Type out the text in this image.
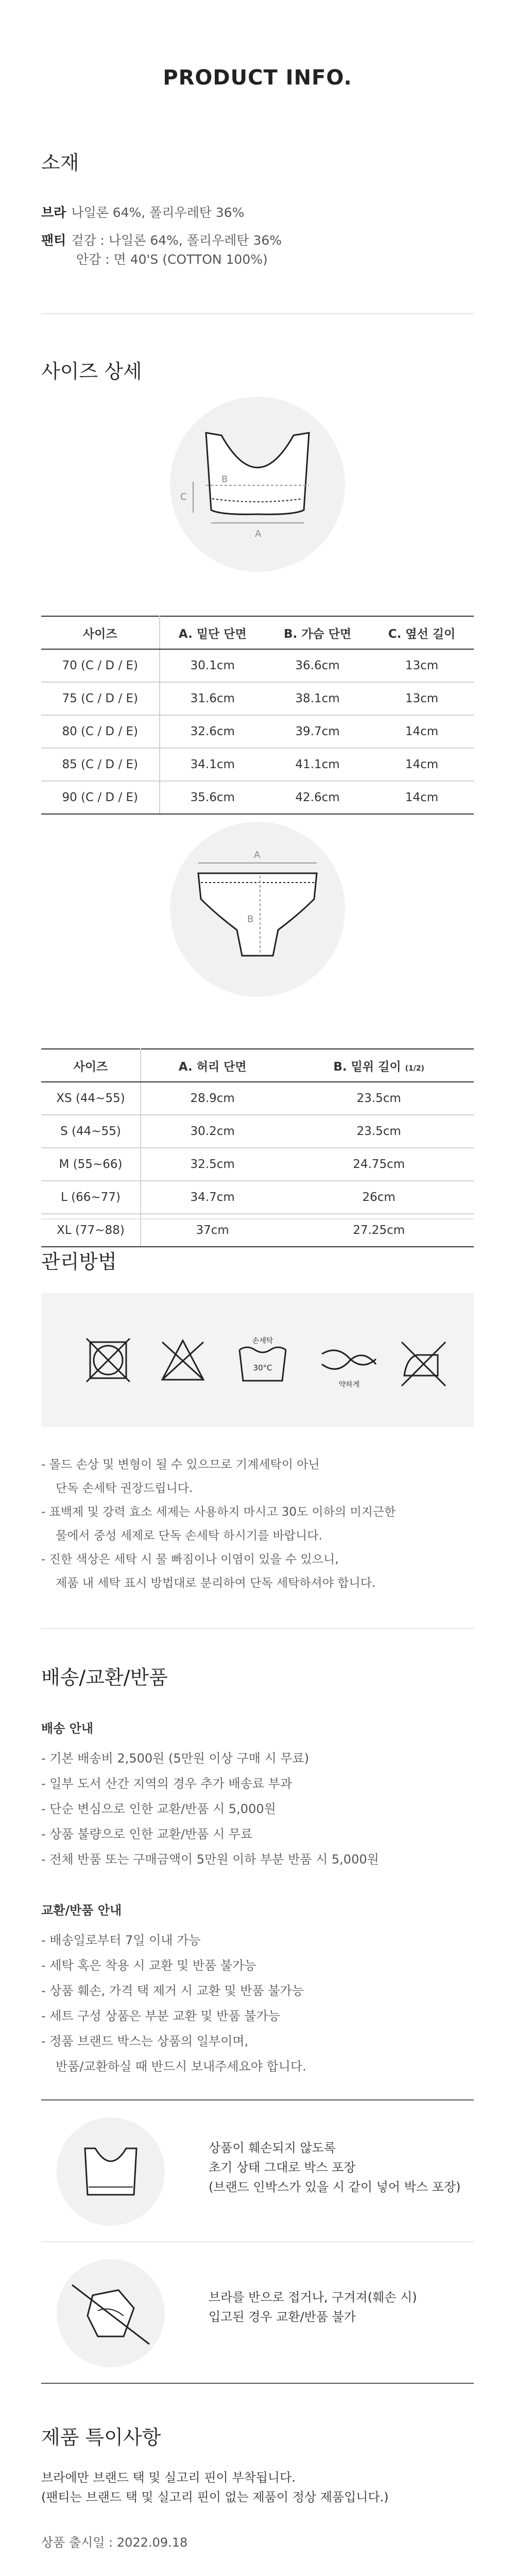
PRODUCT INFO.
소재
브라 나일론 64%, 폴리우레탄 36%
팬티 겉감 : 나일론 64%, 폴리우레탄 36%
안감 : 면 40'S (COTTON 100%)
사이즈 상세
B
A
C
사이즈	A. 밑단 단면	B. 가슴 단면	C. 옆선 길이
70 (C / D / E)	30.1cm	36.6cm	13cm
75 (C / D / E)	31.6cm	38.1cm	13cm
80 (C / D / E)	32.6cm	39.7cm	14cm
85 (C / D / E)	34.1cm	41.1cm	14cm
90 (C / D / E)	35.6cm	42.6cm	14cm
A
B
사이즈	A. 허리 단면	B. 밑위 길이 (1/2)
XS (44~55)	28.9cm	23.5cm
S (44~55)	30.2cm	23.5cm
M (55~66)	32.5cm	24.75cm
L (66~77)	34.7cm	26cm
XL (77~88)	37cm	27.25cm
관리방법
손세탁
30°C
약하게
- 몰드 손상 및 변형이 될 수 있으므로 기계세탁이 아닌
단독 손세탁 권장드립니다.
- 표백제 및 강력 효소 세제는 사용하지 마시고 30도 이하의 미지근한
물에서 중성 세제로 단독 손세탁 하시기를 바랍니다.
- 진한 색상은 세탁 시 물 빠짐이나 이염이 있을 수 있으니,
제품 내 세탁 표시 방법대로 분리하여 단독 세탁하셔야 합니다.
배송/교환/반품
배송 안내
- 기본 배송비 2,500원 (5만원 이상 구매 시 무료)
- 일부 도서 산간 지역의 경우 추가 배송료 부과
- 단순 변심으로 인한 교환/반품 시 5,000원
- 상품 불량으로 인한 교환/반품 시 무료
- 전체 반품 또는 구매금액이 5만원 이하 부분 반품 시 5,000원
교환/반품 안내
- 배송일로부터 7일 이내 가능
- 세탁 혹은 착용 시 교환 및 반품 불가능
- 상품 훼손, 가격 택 제거 시 교환 및 반품 불가능
- 세트 구성 상품은 부분 교환 및 반품 불가능
- 정품 브랜드 박스는 상품의 일부이며,
반품/교환하실 때 반드시 보내주세요야 합니다.
상품이 훼손되지 않도록
초기 상태 그대로 박스 포장
(브랜드 인박스가 있을 시 같이 넣어 박스 포장)
브라를 반으로 접거나, 구겨져(훼손 시)
입고된 경우 교환/반품 불가
제품 특이사항
브라에만 브랜드 택 및 실고리 핀이 부착됩니다.
(팬티는 브랜드 택 및 실고리 핀이 없는 제품이 정상 제품입니다.)
상품 출시일 : 2022.09.18
